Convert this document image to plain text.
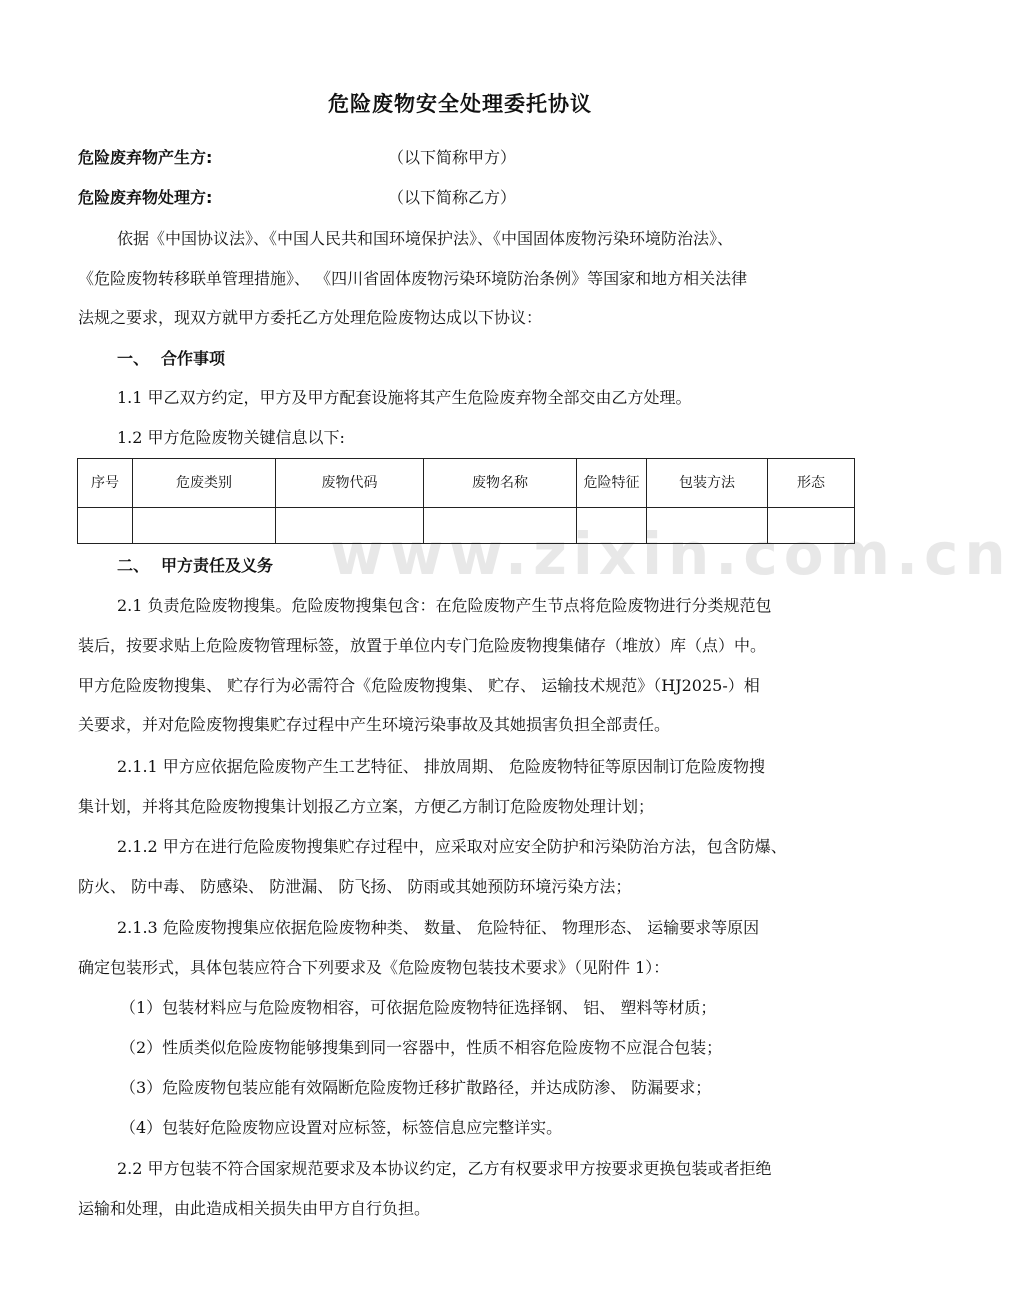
www.zixin.com.cn
危险废物安全处理委托协议
危险废弃物产生方:	（以下简称甲方）
危险废弃物处理方:	（以下简称乙方）
依据《中国协议法》、《中国人民共和国环境保护法》、《中国固体废物污染环境防治法》、
《危险废物转移联单管理措施》、 《四川省固体废物污染环境防治条例》等国家和地方相关法律
法规之要求，现双方就甲方委托乙方处理危险废物达成以下协议：
一、 合作事项
1.1 甲乙双方约定，甲方及甲方配套设施将其产生危险废弃物全部交由乙方处理。
1.2 甲方危险废物关键信息以下:
序号	危废类别	废物代码	废物名称	危险特征	包装方法	形态

二、 甲方责任及义务
2.1 负责危险废物搜集。危险废物搜集包含：在危险废物产生节点将危险废物进行分类规范包
装后，按要求贴上危险废物管理标签，放置于单位内专门危险废物搜集储存（堆放）库（点）中。
甲方危险废物搜集、 贮存行为必需符合《危险废物搜集、 贮存、 运输技术规范》（HJ2025-）相
关要求，并对危险废物搜集贮存过程中产生环境污染事故及其她损害负担全部责任。
2.1.1 甲方应依据危险废物产生工艺特征、 排放周期、 危险废物特征等原因制订危险废物搜
集计划，并将其危险废物搜集计划报乙方立案，方便乙方制订危险废物处理计划；
2.1.2 甲方在进行危险废物搜集贮存过程中，应采取对应安全防护和污染防治方法，包含防爆、
防火、 防中毒、 防感染、 防泄漏、 防飞扬、 防雨或其她预防环境污染方法；
2.1.3 危险废物搜集应依据危险废物种类、 数量、 危险特征、 物理形态、 运输要求等原因
确定包装形式，具体包装应符合下列要求及《危险废物包装技术要求》（见附件 1）：
（1）包装材料应与危险废物相容，可依据危险废物特征选择钢、 铝、 塑料等材质；
（2）性质类似危险废物能够搜集到同一容器中，性质不相容危险废物不应混合包装；
（3）危险废物包装应能有效隔断危险废物迁移扩散路径，并达成防渗、 防漏要求；
（4）包装好危险废物应设置对应标签，标签信息应完整详实。
2.2 甲方包装不符合国家规范要求及本协议约定，乙方有权要求甲方按要求更换包装或者拒绝
运输和处理，由此造成相关损失由甲方自行负担。
